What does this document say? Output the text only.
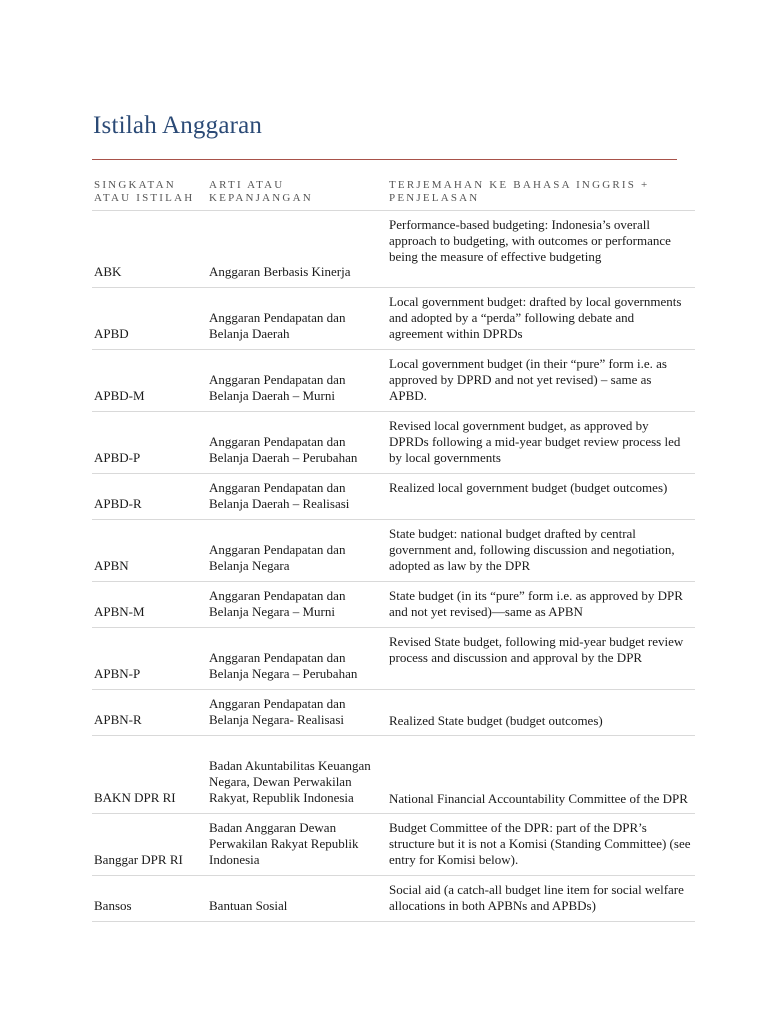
Istilah Anggaran
SINGKATAN ATAU ISTILAH	ARTI ATAU KEPANJANGAN	TERJEMAHAN KE BAHASA INGGRIS + PENJELASAN
ABK	Anggaran Berbasis Kinerja	Performance-based budgeting: Indonesia’s overall approach to budgeting, with outcomes or performance being the measure of effective budgeting
APBD	Anggaran Pendapatan dan Belanja Daerah	Local government budget: drafted by local governments and adopted by a “perda” following debate and agreement within DPRDs
APBD-M	Anggaran Pendapatan dan Belanja Daerah – Murni	Local government budget (in their “pure” form i.e. as approved by DPRD and not yet revised) – same as APBD.
APBD-P	Anggaran Pendapatan dan Belanja Daerah – Perubahan	Revised local government budget, as approved by DPRDs following a mid-year budget review process led by local governments
APBD-R	Anggaran Pendapatan dan Belanja Daerah – Realisasi	Realized local government budget (budget outcomes)
APBN	Anggaran Pendapatan dan Belanja Negara	State budget: national budget drafted by central government and, following discussion and negotiation, adopted as law by the DPR
APBN-M	Anggaran Pendapatan dan Belanja Negara – Murni	State budget (in its “pure” form i.e. as approved by DPR and not yet revised)—same as APBN
APBN-P	Anggaran Pendapatan dan Belanja Negara – Perubahan	Revised State budget, following mid-year budget review process and discussion and approval by the DPR
APBN-R	Anggaran Pendapatan dan Belanja Negara- Realisasi	Realized State budget (budget outcomes)
BAKN DPR RI	Badan Akuntabilitas Keuangan Negara, Dewan Perwakilan Rakyat, Republik Indonesia	National Financial Accountability Committee of the DPR
Banggar DPR RI	Badan Anggaran Dewan Perwakilan Rakyat Republik Indonesia	Budget Committee of the DPR: part of the DPR’s structure but it is not a Komisi (Standing Committee) (see entry for Komisi below).
Bansos	Bantuan Sosial	Social aid (a catch-all budget line item for social welfare allocations in both APBNs and APBDs)
